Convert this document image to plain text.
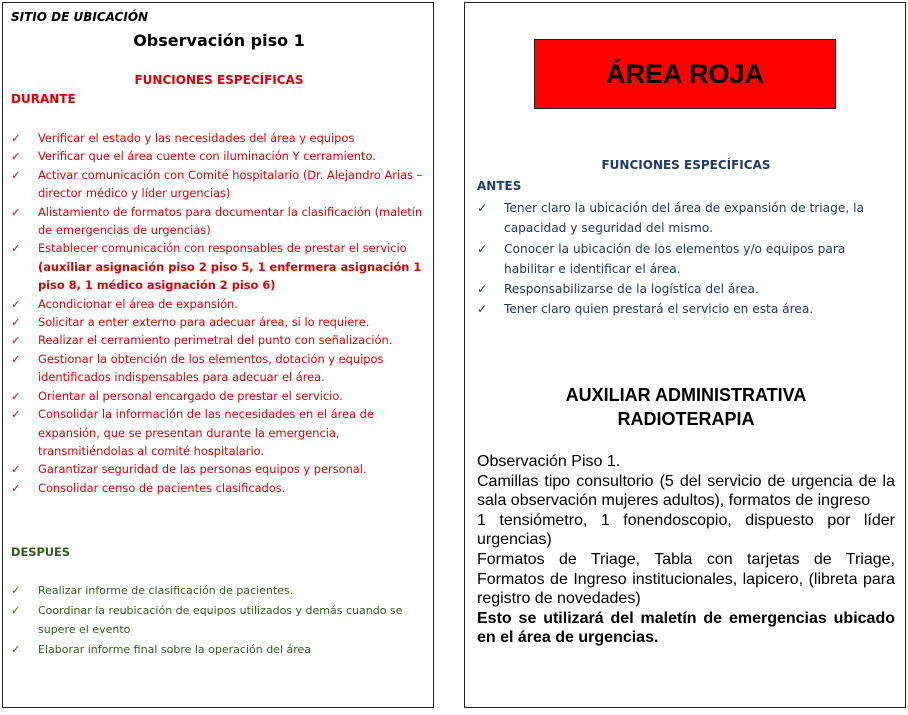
SITIO DE UBICACIÓN
Observación piso 1
FUNCIONES ESPECÍFICAS
DURANTE
✓ Verificar el estado y las necesidades del área y equipos
✓ Verificar que el área cuente con iluminación Y cerramiento.
✓ Activar comunicación con Comité hospitalario (Dr. Alejandro Arias – director médico y líder urgencias)
✓ Alistamiento de formatos para documentar la clasificación (maletín de emergencias de urgencias)
✓ Establecer comunicación con responsables de prestar el servicio (auxiliar asignación piso 2 piso 5, 1 enfermera asignación 1 piso 8, 1 médico asignación 2 piso 6)
✓ Acondicionar el área de expansión.
✓ Solicitar a enter externo para adecuar área, si lo requiere.
✓ Realizar el cerramiento perimetral del punto con señalización.
✓ Gestionar la obtención de los elementos, dotación y equipos identificados indispensables para adecuar el área.
✓ Orientar al personal encargado de prestar el servicio.
✓ Consolidar la información de las necesidades en el área de expansión, que se presentan durante la emergencia, transmitiéndolas al comité hospitalario.
✓ Garantizar seguridad de las personas equipos y personal.
✓ Consolidar censo de pacientes clasificados.
DESPUES
✓ Realizar informe de clasificación de pacientes.
✓ Coordinar la reubicación de equipos utilizados y demás cuando se supere el evento
✓ Elaborar informe final sobre la operación del área
ÁREA ROJA
FUNCIONES ESPECÍFICAS
ANTES
✓ Tener claro la ubicación del área de expansión de triage, la capacidad y seguridad del mismo.
✓ Conocer la ubicación de los elementos y/o equipos para habilitar e identificar el área.
✓ Responsabilizarse de la logística del área.
✓ Tener claro quien prestará el servicio en esta área.
AUXILIAR ADMINISTRATIVA
RADIOTERAPIA

Observación Piso 1.

Camillas tipo consultorio (5 del servicio de urgencia de la sala observación mujeres adultos), formatos de ingreso

1 tensiómetro, 1 fonendoscopio, dispuesto por líder urgencias)

Formatos de Triage, Tabla con tarjetas de Triage, Formatos de Ingreso institucionales, lapicero, (libreta para registro de novedades)

Esto se utilizará del maletín de emergencias ubicado en el área de urgencias.
